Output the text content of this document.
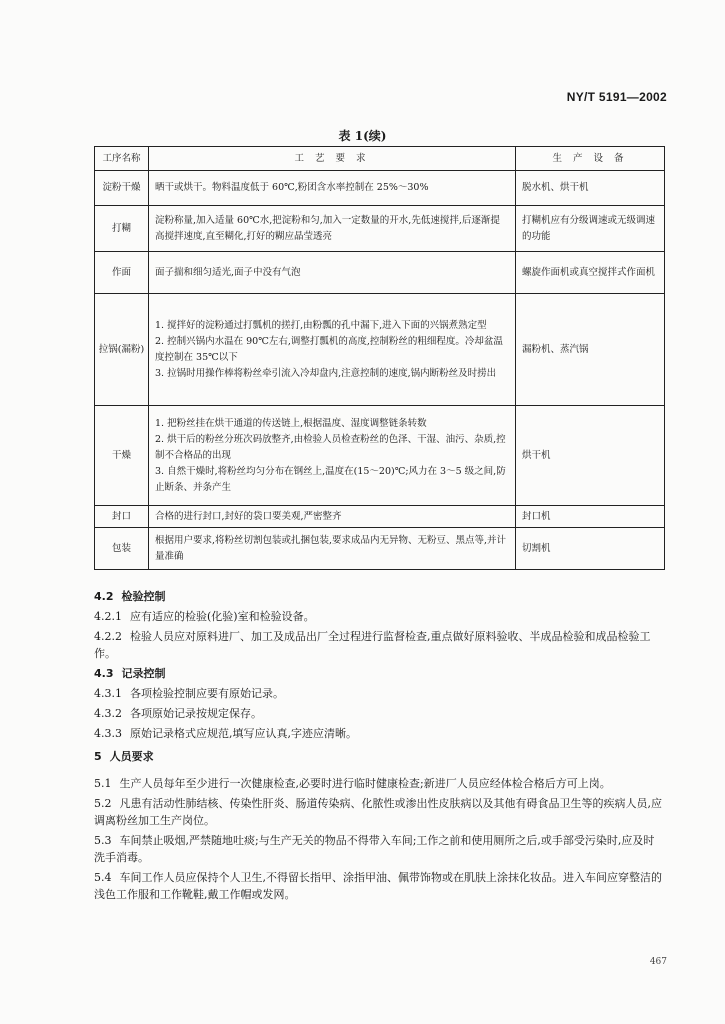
NY/T 5191—2002
表 1(续)
工序名称	工 艺 要 求	生 产 设 备
淀粉干燥	晒干或烘干。物料温度低于 60℃,粉团含水率控制在 25%～30%	脱水机、烘干机
打糊	淀粉称量,加入适量 60℃水,把淀粉和匀,加入一定数量的开水,先低速搅拌,后逐渐提高搅拌速度,直至糊化,打好的糊应晶莹透亮	打糊机应有分级调速或无级调速的功能
作面	面子揣和细匀适光,面子中没有气泡	螺旋作面机或真空搅拌式作面机
拉锅(漏粉)	1. 搅拌好的淀粉通过打瓢机的搓打,由粉瓢的孔中漏下,进入下面的兴锅煮熟定型
2. 控制兴锅内水温在 90℃左右,调整打瓢机的高度,控制粉丝的粗细程度。冷却盆温度控制在 35℃以下
3. 拉锅时用操作棒将粉丝牵引流入冷却盘内,注意控制的速度,锅内断粉丝及时捞出	漏粉机、蒸汽锅
干燥	1. 把粉丝挂在烘干通道的传送链上,根据温度、湿度调整链条转数
2. 烘干后的粉丝分班次码放整齐,由检验人员检查粉丝的色泽、干湿、油污、杂质,控制不合格品的出现
3. 自然干燥时,将粉丝均匀分布在钢丝上,温度在(15～20)℃;风力在 3～5 级之间,防止断条、并条产生	烘干机
封口	合格的进行封口,封好的袋口要美观,严密整齐	封口机
包装	根据用户要求,将粉丝切割包装或扎捆包装,要求成品内无异物、无粉豆、黑点等,并计量准确	切割机
4.2 检验控制
4.2.1 应有适应的检验(化验)室和检验设备。
4.2.2 检验人员应对原料进厂、加工及成品出厂全过程进行监督检查,重点做好原料验收、半成品检验和成品检验工作。
4.3 记录控制
4.3.1 各项检验控制应要有原始记录。
4.3.2 各项原始记录按规定保存。
4.3.3 原始记录格式应规范,填写应认真,字迹应清晰。
5 人员要求
5.1 生产人员每年至少进行一次健康检查,必要时进行临时健康检查;新进厂人员应经体检合格后方可上岗。
5.2 凡患有活动性肺结核、传染性肝炎、肠道传染病、化脓性或渗出性皮肤病以及其他有碍食品卫生等的疾病人员,应调离粉丝加工生产岗位。
5.3 车间禁止吸烟,严禁随地吐痰;与生产无关的物品不得带入车间;工作之前和使用厕所之后,或手部受污染时,应及时洗手消毒。
5.4 车间工作人员应保持个人卫生,不得留长指甲、涂指甲油、佩带饰物或在肌肤上涂抹化妆品。进入车间应穿整洁的浅色工作服和工作靴鞋,戴工作帽或发网。
467
